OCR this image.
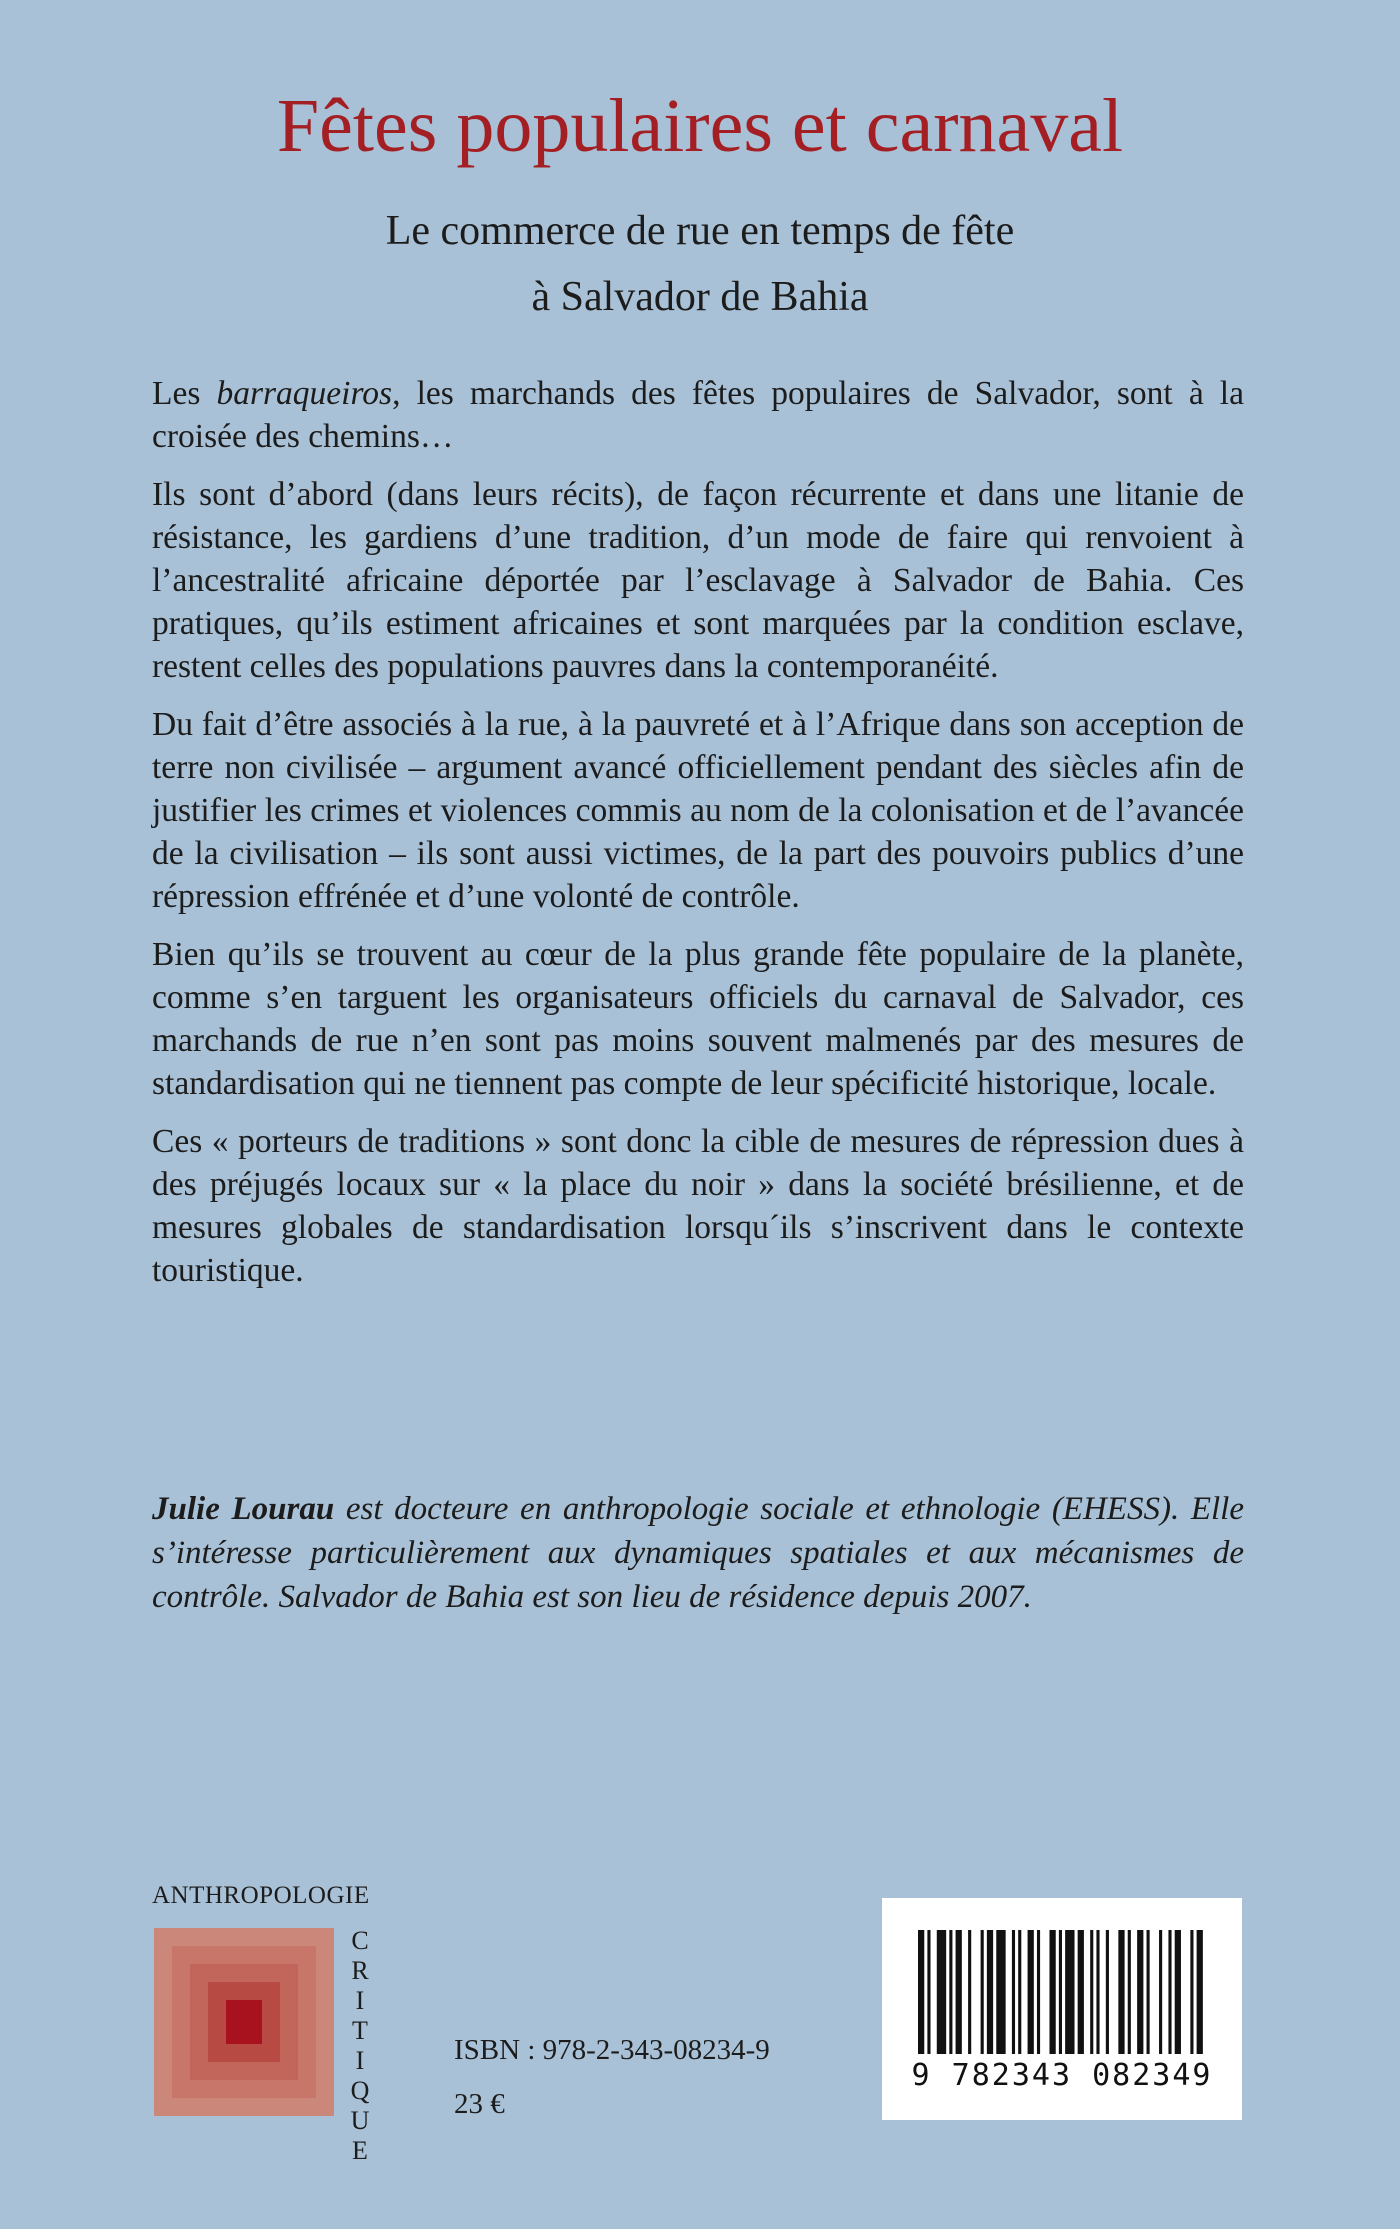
Fêtes populaires et carnaval
Le commerce de rue en temps de fête
à Salvador de Bahia

Les barraqueiros, les marchands des fêtes populaires de Salvador, sont à la croisée des chemins…

Ils sont d’abord (dans leurs récits), de façon récurrente et dans une litanie de résistance, les gardiens d’une tradition, d’un mode de faire qui renvoient à l’ancestralité africaine déportée par l’esclavage à Salvador de Bahia. Ces pratiques, qu’ils estiment africaines et sont marquées par la condition esclave, restent celles des populations pauvres dans la contemporanéité.

Du fait d’être associés à la rue, à la pauvreté et à l’Afrique dans son acception de terre non civilisée – argument avancé officiellement pendant des siècles afin de justifier les crimes et violences commis au nom de la colonisation et de l’avancée de la civilisation – ils sont aussi victimes, de la part des pouvoirs publics d’une répression effrénée et d’une volonté de contrôle.

Bien qu’ils se trouvent au cœur de la plus grande fête populaire de la planète, comme s’en targuent les organisateurs officiels du carnaval de Salvador, ces marchands de rue n’en sont pas moins souvent malmenés par des mesures de standardisation qui ne tiennent pas compte de leur spécificité historique, locale.

Ces « porteurs de traditions » sont donc la cible de mesures de répression dues à des préjugés locaux sur « la place du noir » dans la société brésilienne, et de mesures globales de standardisation lorsqu´ils s’inscrivent dans le contexte touristique.

Julie Lourau est docteure en anthropologie sociale et ethnologie (EHESS). Elle s’intéresse particulièrement aux dynamiques spatiales et aux mécanismes de contrôle. Salvador de Bahia est son lieu de résidence depuis 2007.
ANTHROPOLOGIE
C
R
I
T
I
Q
U
E
ISBN : 978-2-343-08234-9
23 €
9 782343 082349
